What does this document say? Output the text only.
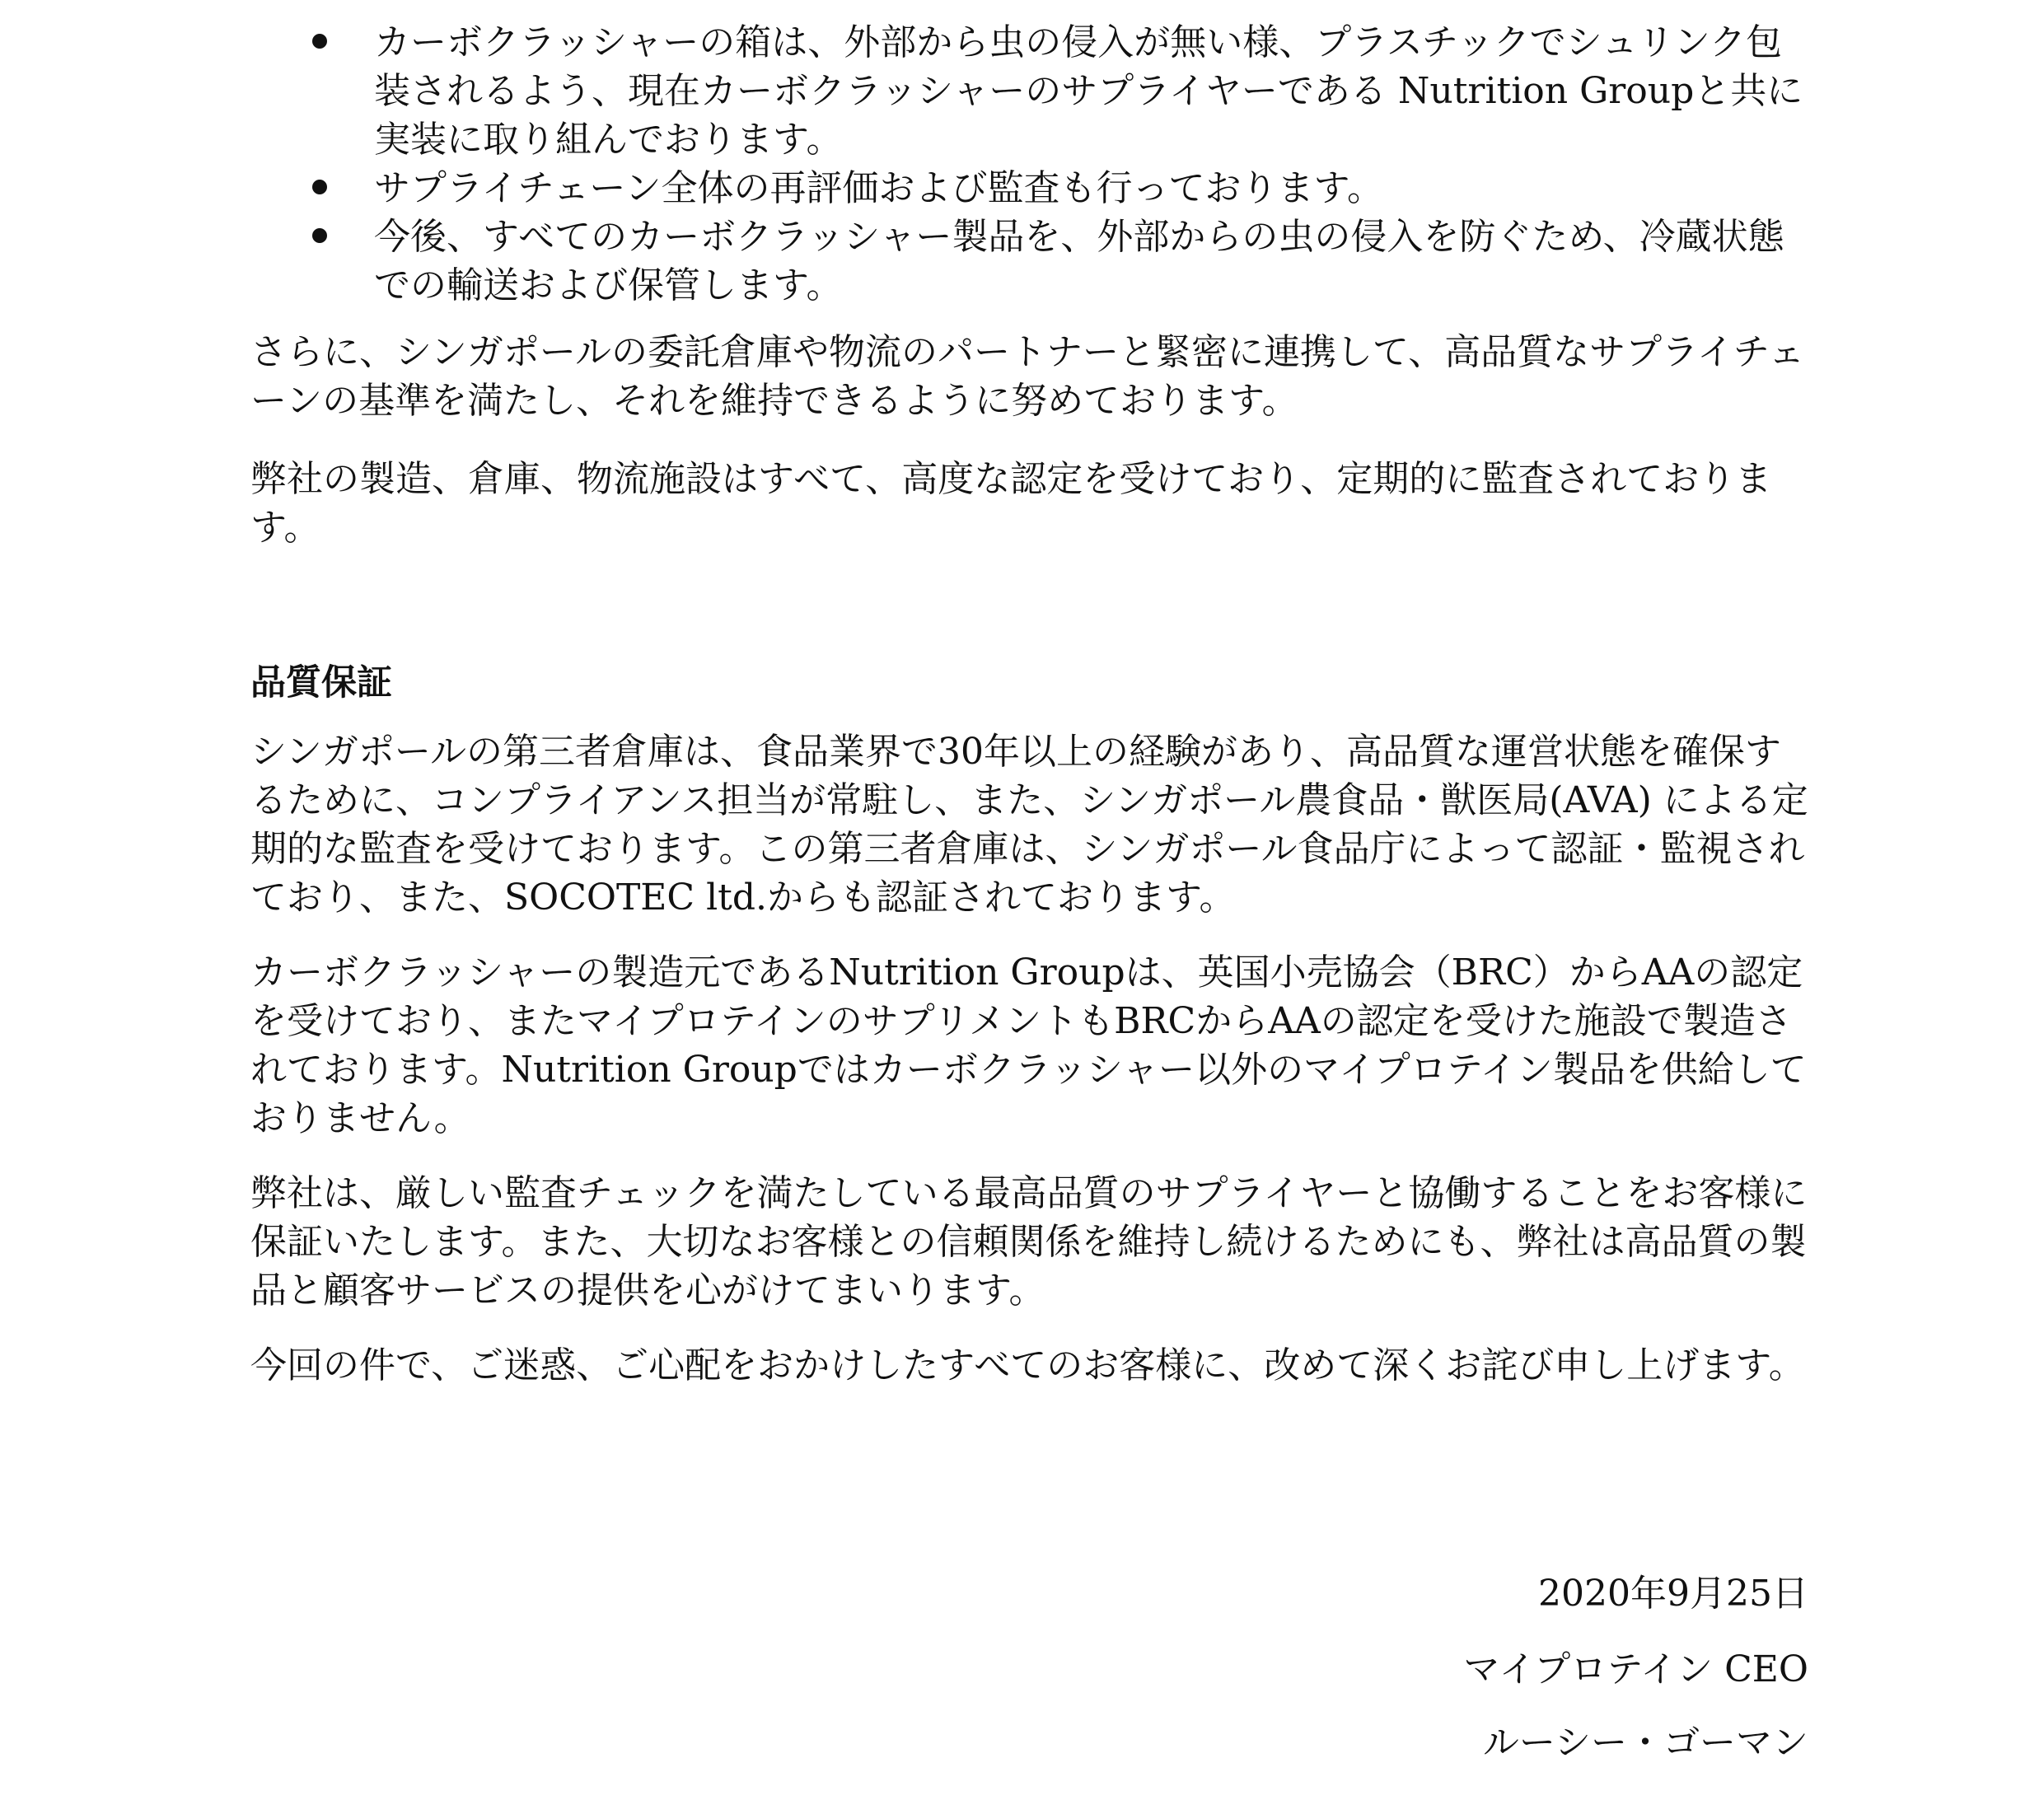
カーボクラッシャーの箱は、外部から虫の侵入が無い様、プラスチックでシュリンク包装されるよう、現在カーボクラッシャーのサプライヤーである Nutrition Groupと共に実装に取り組んでおります。
サプライチェーン全体の再評価および監査も行っております。
今後、すべてのカーボクラッシャー製品を、外部からの虫の侵入を防ぐため、冷蔵状態での輸送および保管します。

さらに、シンガポールの委託倉庫や物流のパートナーと緊密に連携して、高品質なサプライチェーンの基準を満たし、それを維持できるように努めております。

弊社の製造、倉庫、物流施設はすべて、高度な認定を受けており、定期的に監査されております。

品質保証

シンガポールの第三者倉庫は、食品業界で30年以上の経験があり、高品質な運営状態を確保するために、コンプライアンス担当が常駐し、また、シンガポール農食品・獣医局(AVA) による定期的な監査を受けております。この第三者倉庫は、シンガポール食品庁によって認証・監視されており、また、SOCOTEC ltd.からも認証されております。

カーボクラッシャーの製造元であるNutrition Groupは、英国小売協会（BRC）からAAの認定を受けており、またマイプロテインのサプリメントもBRCからAAの認定を受けた施設で製造されております。Nutrition Groupではカーボクラッシャー以外のマイプロテイン製品を供給しておりません。

弊社は、厳しい監査チェックを満たしている最高品質のサプライヤーと協働することをお客様に保証いたします。また、大切なお客様との信頼関係を維持し続けるためにも、弊社は高品質の製品と顧客サービスの提供を心がけてまいります。

今回の件で、ご迷惑、ご心配をおかけしたすべてのお客様に、改めて深くお詫び申し上げます。

2020年9月25日
マイプロテイン CEO
ルーシー・ゴーマン
